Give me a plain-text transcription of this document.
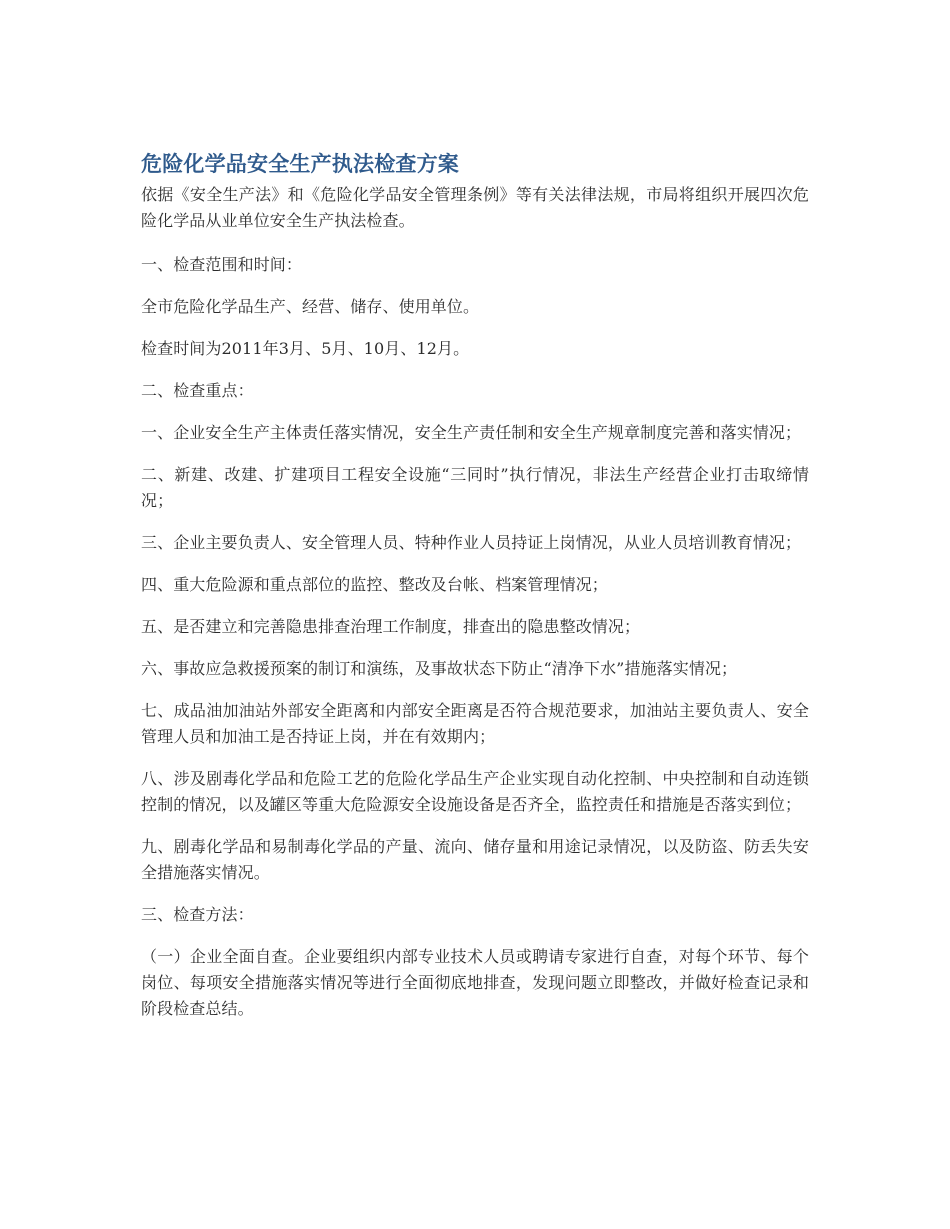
危险化学品安全生产执法检查方案

依据《安全生产法》和《危险化学品安全管理条例》等有关法律法规，市局将组织开展四次危险化学品从业单位安全生产执法检查。

一、检查范围和时间：

全市危险化学品生产、经营、储存、使用单位。

检查时间为2011年3月、5月、10月、12月。

二、检查重点：

一、企业安全生产主体责任落实情况，安全生产责任制和安全生产规章制度完善和落实情况；

二、新建、改建、扩建项目工程安全设施“三同时”执行情况，非法生产经营企业打击取缔情况；

三、企业主要负责人、安全管理人员、特种作业人员持证上岗情况，从业人员培训教育情况；

四、重大危险源和重点部位的监控、整改及台帐、档案管理情况；

五、是否建立和完善隐患排查治理工作制度，排查出的隐患整改情况；

六、事故应急救援预案的制订和演练，及事故状态下防止“清净下水”措施落实情况；

七、成品油加油站外部安全距离和内部安全距离是否符合规范要求，加油站主要负责人、安全管理人员和加油工是否持证上岗，并在有效期内；

八、涉及剧毒化学品和危险工艺的危险化学品生产企业实现自动化控制、中央控制和自动连锁控制的情况，以及罐区等重大危险源安全设施设备是否齐全，监控责任和措施是否落实到位；

九、剧毒化学品和易制毒化学品的产量、流向、储存量和用途记录情况，以及防盗、防丢失安全措施落实情况。

三、检查方法：

（一）企业全面自查。企业要组织内部专业技术人员或聘请专家进行自查，对每个环节、每个岗位、每项安全措施落实情况等进行全面彻底地排查，发现问题立即整改，并做好检查记录和阶段检查总结。
